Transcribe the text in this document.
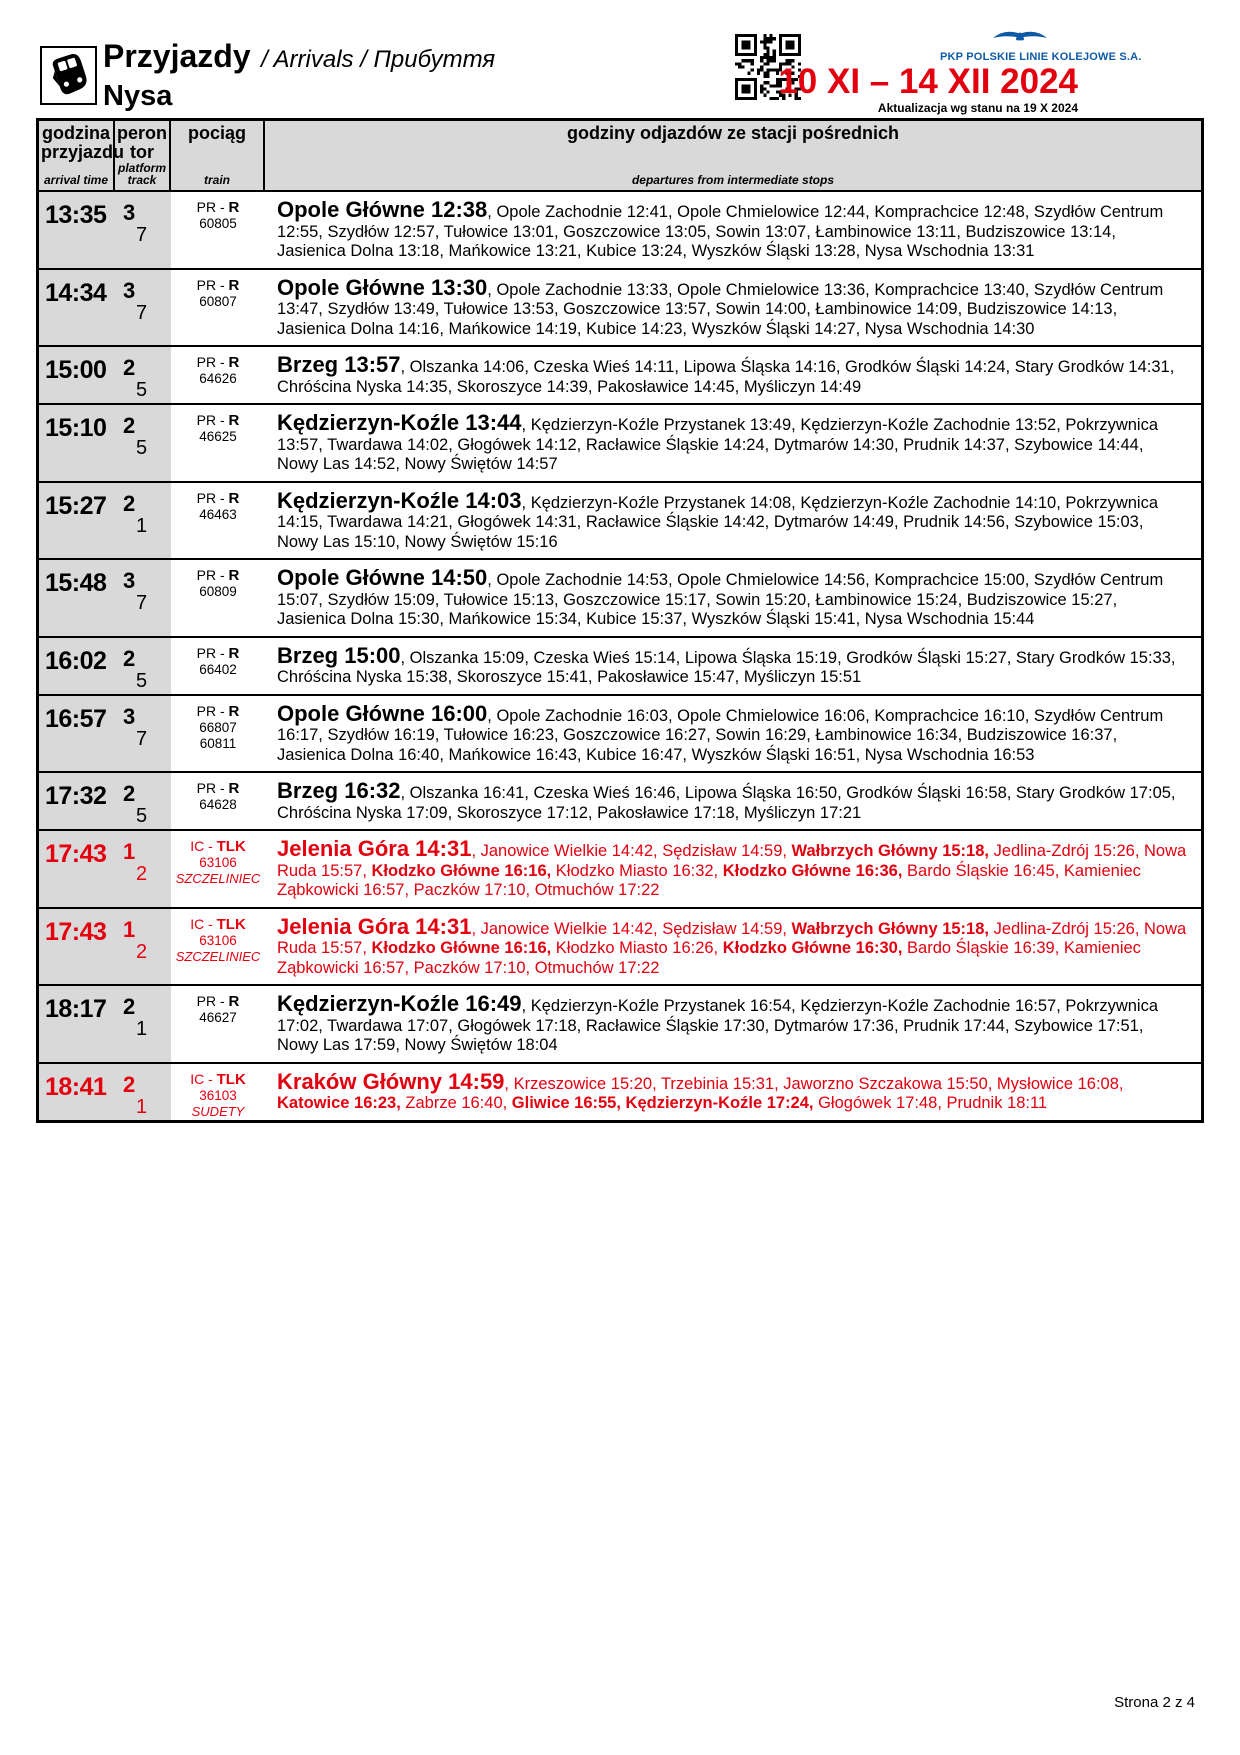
Przyjazdy / Arrivals / Прибуття
Nysa
PKP POLSKIE LINIE KOLEJOWE S.A.
10 XI – 14 XII 2024
Aktualizacja wg stanu na 19 X 2024
godzina przyjazdu
arrival time
peron tor
platform track
pociąg
train
godziny odjazdów ze stacji pośrednich
departures from intermediate stops
13:35 3
7
PR - R
60805
Opole Główne 12:38, Opole Zachodnie 12:41, Opole Chmielowice 12:44, Komprachcice 12:48, Szydłów Centrum 12:55, Szydłów 12:57, Tułowice 13:01, Goszczowice 13:05, Sowin 13:07, Łambinowice 13:11, Budziszowice 13:14, Jasienica Dolna 13:18, Mańkowice 13:21, Kubice 13:24, Wyszków Śląski 13:28, Nysa Wschodnia 13:31
14:34 3
7
PR - R
60807
Opole Główne 13:30, Opole Zachodnie 13:33, Opole Chmielowice 13:36, Komprachcice 13:40, Szydłów Centrum 13:47, Szydłów 13:49, Tułowice 13:53, Goszczowice 13:57, Sowin 14:00, Łambinowice 14:09, Budziszowice 14:13, Jasienica Dolna 14:16, Mańkowice 14:19, Kubice 14:23, Wyszków Śląski 14:27, Nysa Wschodnia 14:30
15:00 2
5
PR - R
64626
Brzeg 13:57, Olszanka 14:06, Czeska Wieś 14:11, Lipowa Śląska 14:16, Grodków Śląski 14:24, Stary Grodków 14:31, Chróścina Nyska 14:35, Skoroszyce 14:39, Pakosławice 14:45, Myśliczyn 14:49
15:10 2
5
PR - R
46625
Kędzierzyn-Koźle 13:44, Kędzierzyn-Koźle Przystanek 13:49, Kędzierzyn-Koźle Zachodnie 13:52, Pokrzywnica 13:57, Twardawa 14:02, Głogówek 14:12, Racławice Śląskie 14:24, Dytmarów 14:30, Prudnik 14:37, Szybowice 14:44, Nowy Las 14:52, Nowy Świętów 14:57
15:27 2
1
PR - R
46463
Kędzierzyn-Koźle 14:03, Kędzierzyn-Koźle Przystanek 14:08, Kędzierzyn-Koźle Zachodnie 14:10, Pokrzywnica 14:15, Twardawa 14:21, Głogówek 14:31, Racławice Śląskie 14:42, Dytmarów 14:49, Prudnik 14:56, Szybowice 15:03, Nowy Las 15:10, Nowy Świętów 15:16
15:48 3
7
PR - R
60809
Opole Główne 14:50, Opole Zachodnie 14:53, Opole Chmielowice 14:56, Komprachcice 15:00, Szydłów Centrum 15:07, Szydłów 15:09, Tułowice 15:13, Goszczowice 15:17, Sowin 15:20, Łambinowice 15:24, Budziszowice 15:27, Jasienica Dolna 15:30, Mańkowice 15:34, Kubice 15:37, Wyszków Śląski 15:41, Nysa Wschodnia 15:44
16:02 2
5
PR - R
66402
Brzeg 15:00, Olszanka 15:09, Czeska Wieś 15:14, Lipowa Śląska 15:19, Grodków Śląski 15:27, Stary Grodków 15:33, Chróścina Nyska 15:38, Skoroszyce 15:41, Pakosławice 15:47, Myśliczyn 15:51
16:57 3
7
PR - R
66807
60811
Opole Główne 16:00, Opole Zachodnie 16:03, Opole Chmielowice 16:06, Komprachcice 16:10, Szydłów Centrum 16:17, Szydłów 16:19, Tułowice 16:23, Goszczowice 16:27, Sowin 16:29, Łambinowice 16:34, Budziszowice 16:37, Jasienica Dolna 16:40, Mańkowice 16:43, Kubice 16:47, Wyszków Śląski 16:51, Nysa Wschodnia 16:53
17:32 2
5
PR - R
64628
Brzeg 16:32, Olszanka 16:41, Czeska Wieś 16:46, Lipowa Śląska 16:50, Grodków Śląski 16:58, Stary Grodków 17:05, Chróścina Nyska 17:09, Skoroszyce 17:12, Pakosławice 17:18, Myśliczyn 17:21
17:43 1
2
IC - TLK
63106
SZCZELINIEC
Jelenia Góra 14:31, Janowice Wielkie 14:42, Sędzisław 14:59, Wałbrzych Główny 15:18, Jedlina-Zdrój 15:26, Nowa Ruda 15:57, Kłodzko Główne 16:16, Kłodzko Miasto 16:32, Kłodzko Główne 16:36, Bardo Śląskie 16:45, Kamieniec Ząbkowicki 16:57, Paczków 17:10, Otmuchów 17:22
17:43 1
2
IC - TLK
63106
SZCZELINIEC
Jelenia Góra 14:31, Janowice Wielkie 14:42, Sędzisław 14:59, Wałbrzych Główny 15:18, Jedlina-Zdrój 15:26, Nowa Ruda 15:57, Kłodzko Główne 16:16, Kłodzko Miasto 16:26, Kłodzko Główne 16:30, Bardo Śląskie 16:39, Kamieniec Ząbkowicki 16:57, Paczków 17:10, Otmuchów 17:22
18:17 2
1
PR - R
46627
Kędzierzyn-Koźle 16:49, Kędzierzyn-Koźle Przystanek 16:54, Kędzierzyn-Koźle Zachodnie 16:57, Pokrzywnica 17:02, Twardawa 17:07, Głogówek 17:18, Racławice Śląskie 17:30, Dytmarów 17:36, Prudnik 17:44, Szybowice 17:51, Nowy Las 17:59, Nowy Świętów 18:04
18:41 2
1
IC - TLK
36103
SUDETY
Kraków Główny 14:59, Krzeszowice 15:20, Trzebinia 15:31, Jaworzno Szczakowa 15:50, Mysłowice 16:08, Katowice 16:23, Zabrze 16:40, Gliwice 16:55, Kędzierzyn-Koźle 17:24, Głogówek 17:48, Prudnik 18:11
Strona 2 z 4
